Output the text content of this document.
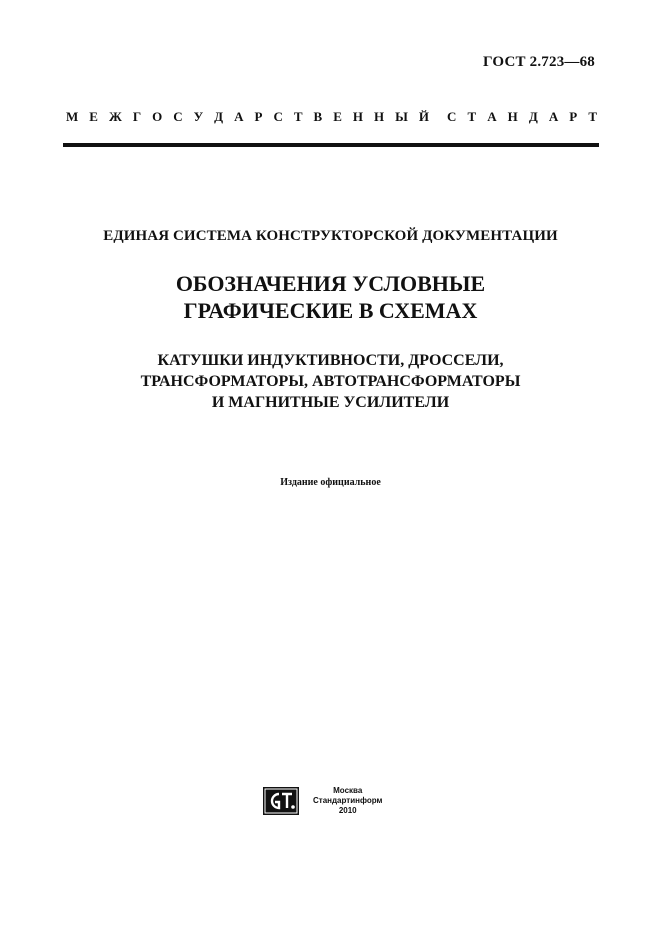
ГОСТ 2.723—68
М Е Ж Г О С У Д А Р С Т В Е Н Н Ы Й С Т А Н Д А Р Т
ЕДИНАЯ СИСТЕМА КОНСТРУКТОРСКОЙ ДОКУМЕНТАЦИИ
ОБОЗНАЧЕНИЯ УСЛОВНЫЕ
ГРАФИЧЕСКИЕ В СХЕМАХ
КАТУШКИ ИНДУКТИВНОСТИ, ДРОССЕЛИ,
ТРАНСФОРМАТОРЫ, АВТОТРАНСФОРМАТОРЫ
И МАГНИТНЫЕ УСИЛИТЕЛИ
Издание официальное
Москва
Стандартинформ
2010
